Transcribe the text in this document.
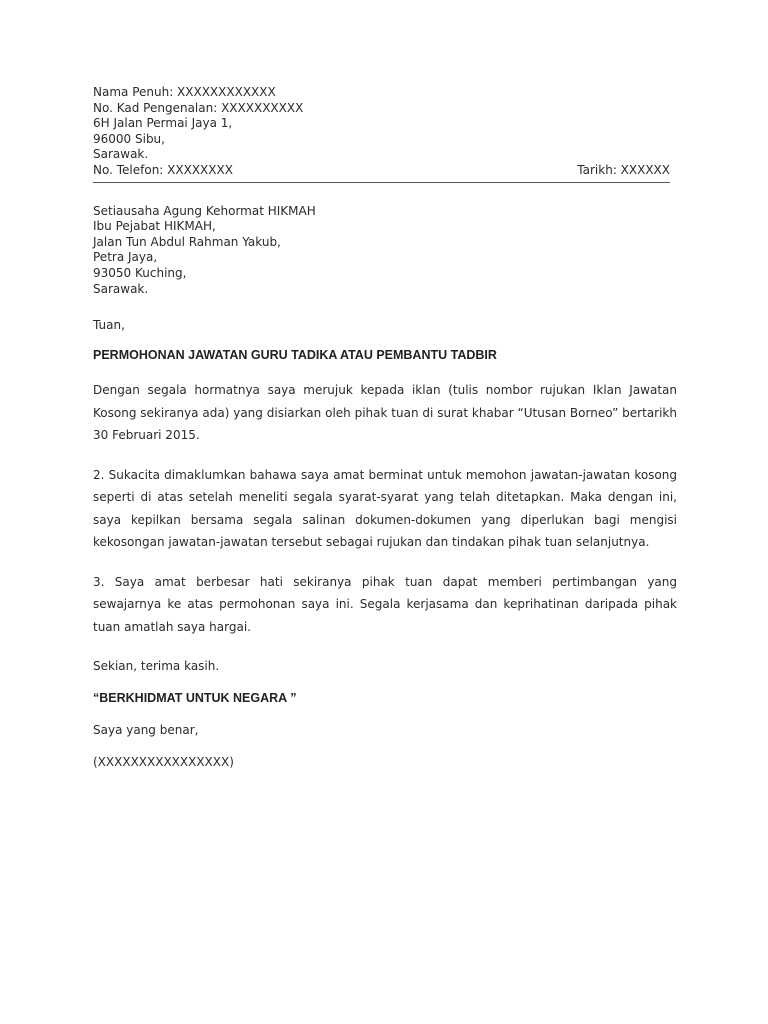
Nama Penuh: XXXXXXXXXXXX
No. Kad Pengenalan: XXXXXXXXXX
6H Jalan Permai Jaya 1,
96000 Sibu,
Sarawak.
No. Telefon: XXXXXXXX	Tarikh: XXXXXX
Setiausaha Agung Kehormat HIKMAH
Ibu Pejabat HIKMAH,
Jalan Tun Abdul Rahman Yakub,
Petra Jaya,
93050 Kuching,
Sarawak.
Tuan,
PERMOHONAN JAWATAN GURU TADIKA ATAU PEMBANTU TADBIR
Dengan segala hormatnya saya merujuk kepada iklan (tulis nombor rujukan Iklan Jawatan Kosong sekiranya ada) yang disiarkan oleh pihak tuan di surat khabar “Utusan Borneo” bertarikh 30 Februari 2015.
2. Sukacita dimaklumkan bahawa saya amat berminat untuk memohon jawatan-jawatan kosong seperti di atas setelah meneliti segala syarat-syarat yang telah ditetapkan. Maka dengan ini, saya kepilkan bersama segala salinan dokumen-dokumen yang diperlukan bagi mengisi kekosongan jawatan-jawatan tersebut sebagai rujukan dan tindakan pihak tuan selanjutnya.
3. Saya amat berbesar hati sekiranya pihak tuan dapat memberi pertimbangan yang sewajarnya ke atas permohonan saya ini. Segala kerjasama dan keprihatinan daripada pihak tuan amatlah saya hargai.
Sekian, terima kasih.
“BERKHIDMAT UNTUK NEGARA ”
Saya yang benar,
(XXXXXXXXXXXXXXXX)
